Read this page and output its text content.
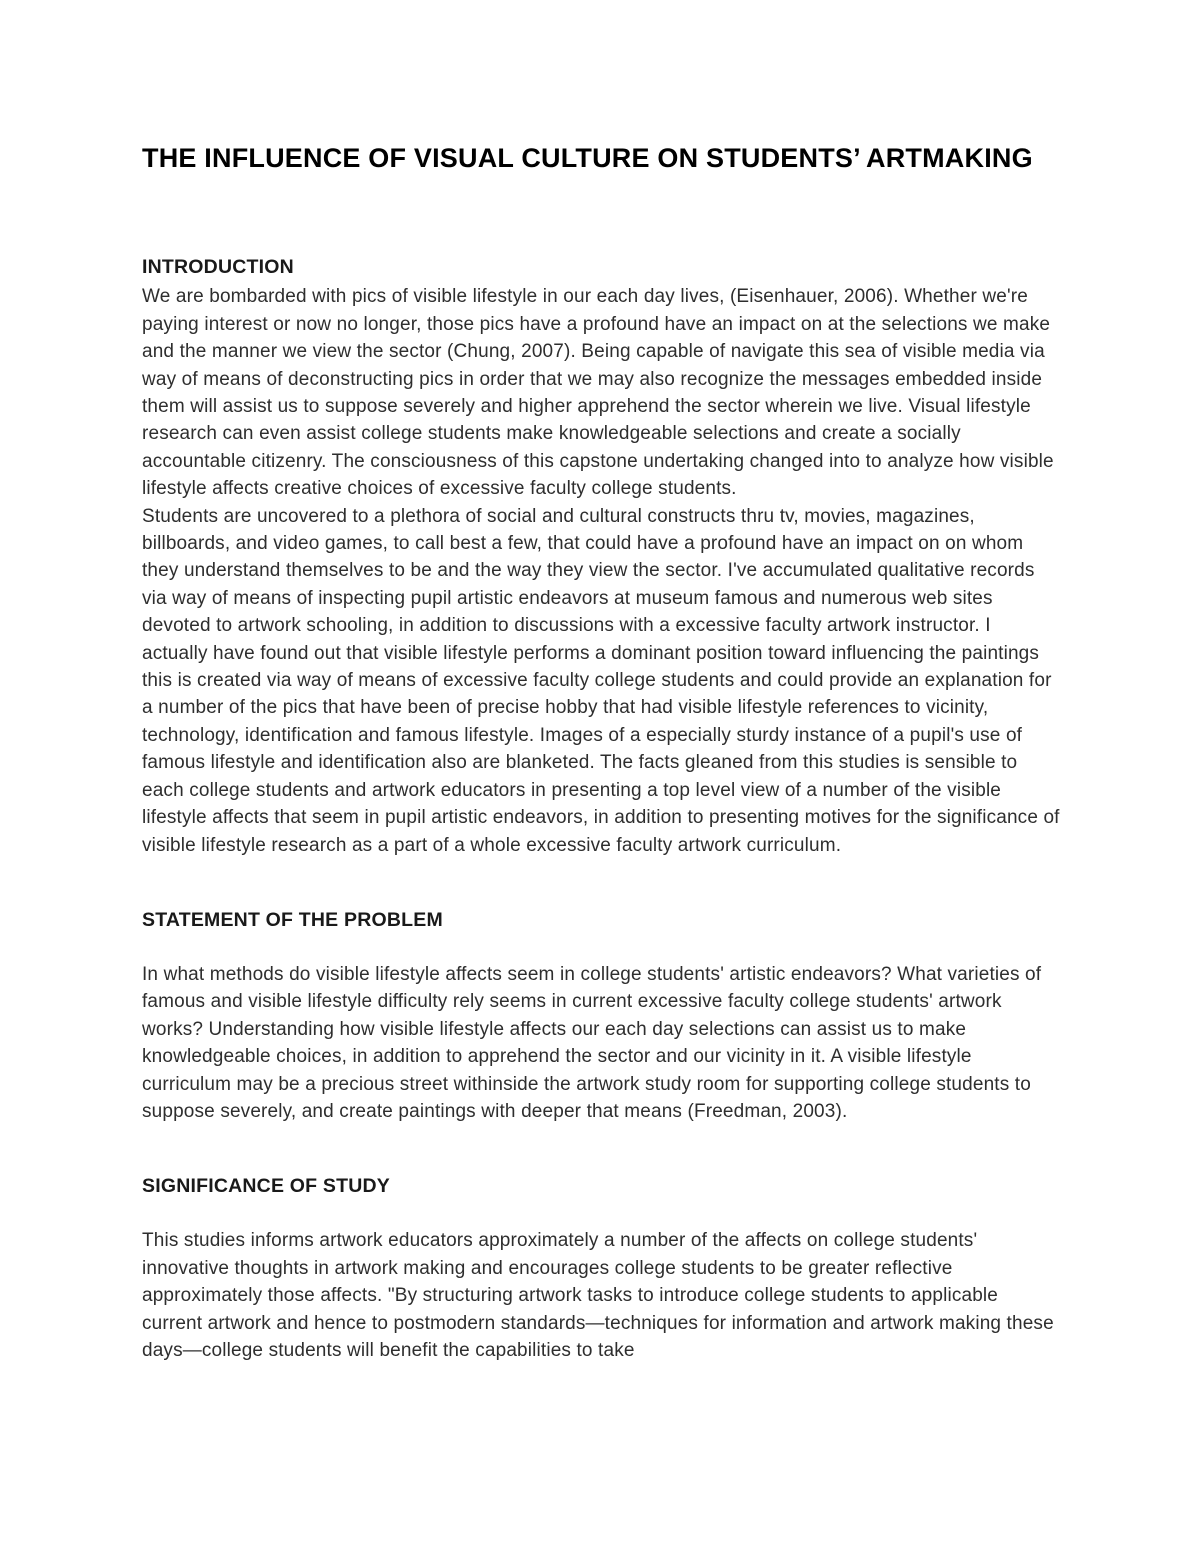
THE INFLUENCE OF VISUAL CULTURE ON STUDENTS’ ARTMAKING
INTRODUCTION

We are bombarded with pics of visible lifestyle in our each day lives, (Eisenhauer, 2006). Whether we're paying interest or now no longer, those pics have a profound have an impact on at the selections we make and the manner we view the sector (Chung, 2007). Being capable of navigate this sea of visible media via way of means of deconstructing pics in order that we may also recognize the messages embedded inside them will assist us to suppose severely and higher apprehend the sector wherein we live. Visual lifestyle research can even assist college students make knowledgeable selections and create a socially accountable citizenry. The consciousness of this capstone undertaking changed into to analyze how visible lifestyle affects creative choices of excessive faculty college students.

Students are uncovered to a plethora of social and cultural constructs thru tv, movies, magazines, billboards, and video games, to call best a few, that could have a profound have an impact on on whom they understand themselves to be and the way they view the sector. I've accumulated qualitative records via way of means of inspecting pupil artistic endeavors at museum famous and numerous web sites devoted to artwork schooling, in addition to discussions with a excessive faculty artwork instructor. I actually have found out that visible lifestyle performs a dominant position toward influencing the paintings this is created via way of means of excessive faculty college students and could provide an explanation for a number of the pics that have been of precise hobby that had visible lifestyle references to vicinity, technology, identification and famous lifestyle. Images of a especially sturdy instance of a pupil's use of famous lifestyle and identification also are blanketed. The facts gleaned from this studies is sensible to each college students and artwork educators in presenting a top level view of a number of the visible lifestyle affects that seem in pupil artistic endeavors, in addition to presenting motives for the significance of visible lifestyle research as a part of a whole excessive faculty artwork curriculum.

STATEMENT OF THE PROBLEM

In what methods do visible lifestyle affects seem in college students' artistic endeavors? What varieties of famous and visible lifestyle difficulty rely seems in current excessive faculty college students' artwork works? Understanding how visible lifestyle affects our each day selections can assist us to make knowledgeable choices, in addition to apprehend the sector and our vicinity in it. A visible lifestyle curriculum may be a precious street withinside the artwork study room for supporting college students to suppose severely, and create paintings with deeper that means (Freedman, 2003).

SIGNIFICANCE OF STUDY

This studies informs artwork educators approximately a number of the affects on college students' innovative thoughts in artwork making and encourages college students to be greater reflective approximately those affects. "By structuring artwork tasks to introduce college students to applicable current artwork and hence to postmodern standards—techniques for information and artwork making these days—college students will benefit the capabilities to take
